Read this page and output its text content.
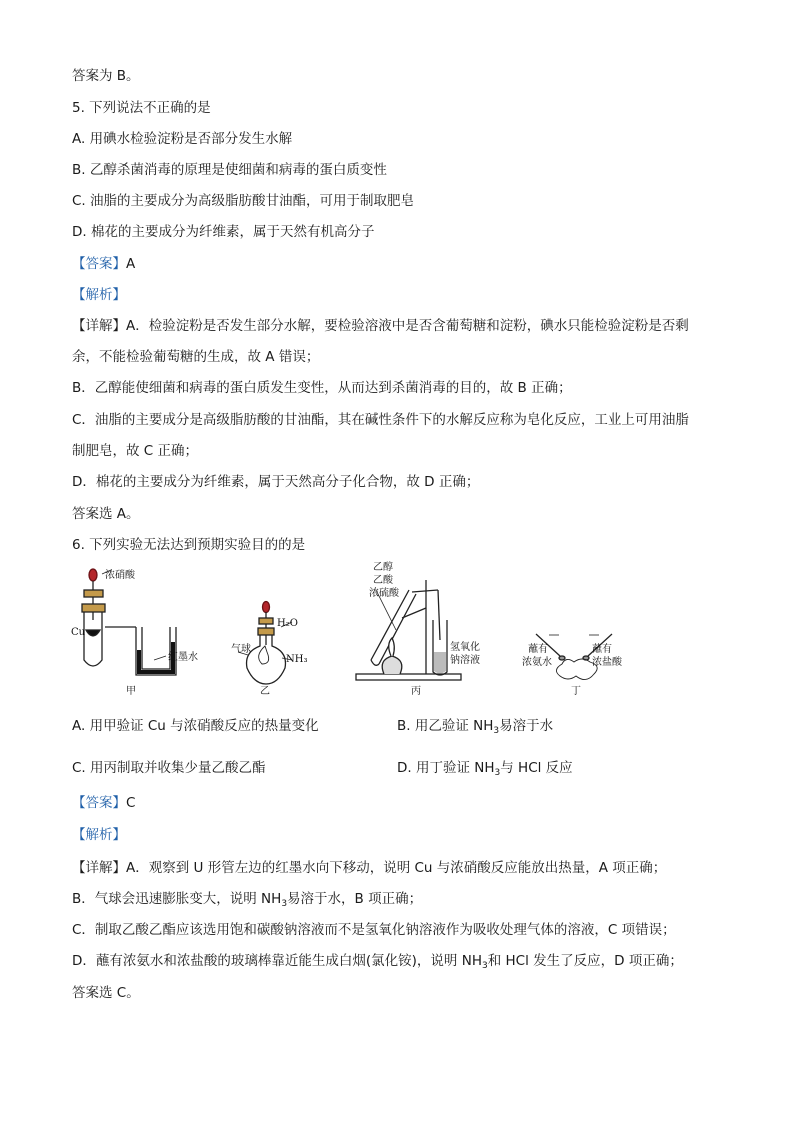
答案为 B。
5. 下列说法不正确的是
A. 用碘水检验淀粉是否部分发生水解
B. 乙醇杀菌消毒的原理是使细菌和病毒的蛋白质变性
C. 油脂的主要成分为高级脂肪酸甘油酯，可用于制取肥皂
D. 棉花的主要成分为纤维素，属于天然有机高分子
【答案】A
【解析】
【详解】A．检验淀粉是否发生部分水解，要检验溶液中是否含葡萄糖和淀粉，碘水只能检验淀粉是否剩
余，不能检验葡萄糖的生成，故 A 错误；
B．乙醇能使细菌和病毒的蛋白质发生变性，从而达到杀菌消毒的目的，故 B 正确；
C．油脂的主要成分是高级脂肪酸的甘油酯，其在碱性条件下的水解反应称为皂化反应，工业上可用油脂
制肥皂，故 C 正确；
D．棉花的主要成分为纤维素，属于天然高分子化合物，故 D 正确；
答案选 A。
6. 下列实验无法达到预期实验目的的是
浓硝酸
Cu
红墨水
甲
H₂O
气球
NH₃
乙
乙醇
乙酸
浓硫酸
氢氧化
钠溶液
丙
蘸有
浓氨水
蘸有
浓盐酸
丁
A. 用甲验证 Cu 与浓硝酸反应的热量变化	B. 用乙验证 $NH_3$易溶于水
C. 用丙制取并收集少量乙酸乙酯	D. 用丁验证 $NH_3$与 HCl 反应
【答案】C
【解析】
【详解】A．观察到 U 形管左边的红墨水向下移动，说明 Cu 与浓硝酸反应能放出热量，A 项正确；
B．气球会迅速膨胀变大，说明 $NH_3$易溶于水，B 项正确；
C．制取乙酸乙酯应该选用饱和碳酸钠溶液而不是氢氧化钠溶液作为吸收处理气体的溶液，C 项错误；
D．蘸有浓氨水和浓盐酸的玻璃棒靠近能生成白烟(氯化铵)，说明 $NH_3$和 HCl 发生了反应，D 项正确；
答案选 C。
